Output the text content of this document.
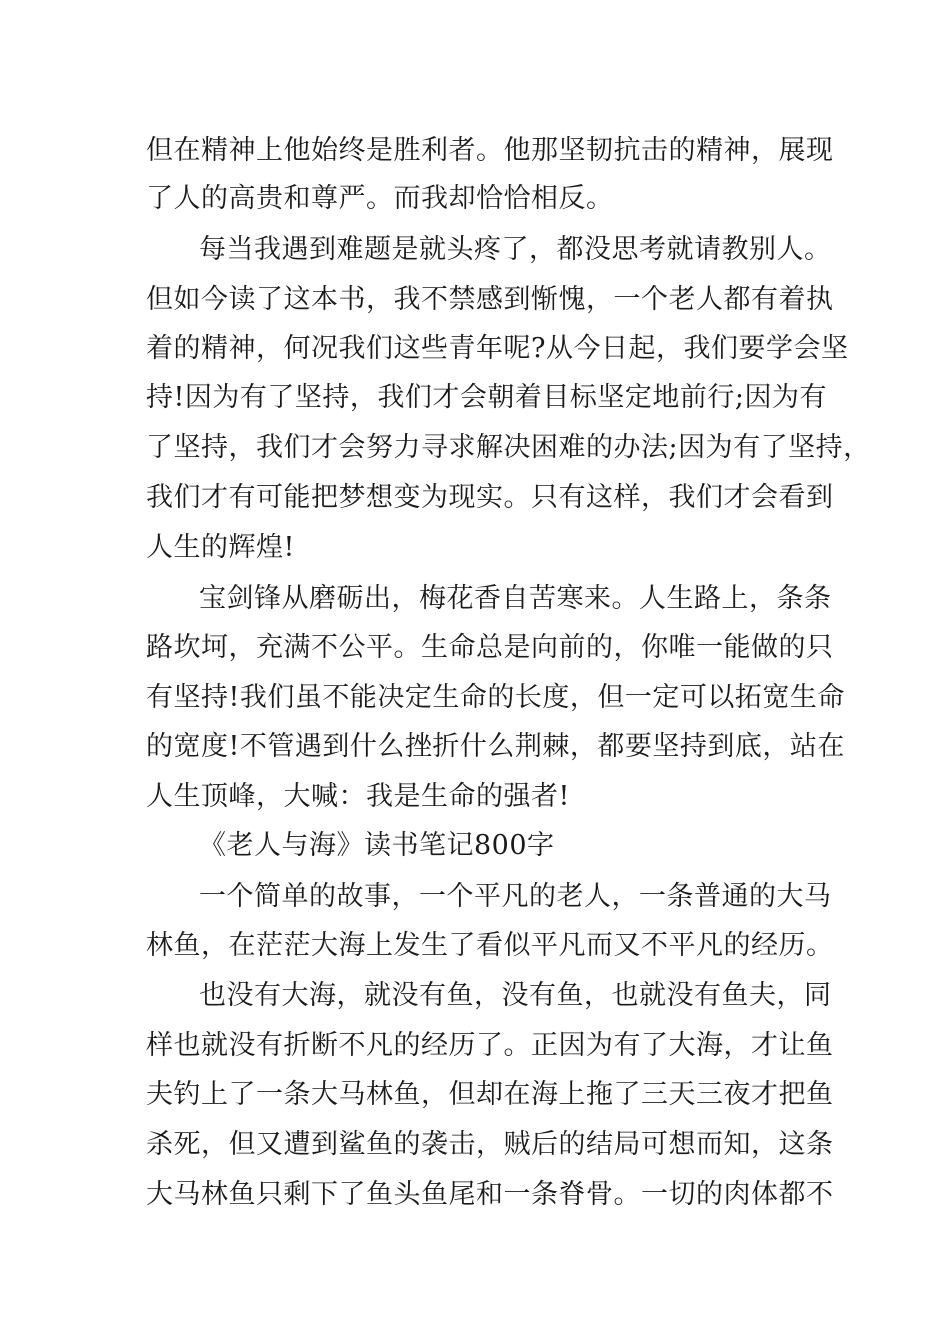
但在精神上他始终是胜利者。他那坚韧抗击的精神，展现
了人的高贵和尊严。而我却恰恰相反。
每当我遇到难题是就头疼了，都没思考就请教别人。
但如今读了这本书，我不禁感到惭愧，一个老人都有着执
着的精神，何况我们这些青年呢?从今日起，我们要学会坚
持!因为有了坚持，我们才会朝着目标坚定地前行;因为有
了坚持，我们才会努力寻求解决困难的办法;因为有了坚持，
我们才有可能把梦想变为现实。只有这样，我们才会看到
人生的辉煌!
宝剑锋从磨砺出，梅花香自苦寒来。人生路上，条条
路坎坷，充满不公平。生命总是向前的，你唯一能做的只
有坚持!我们虽不能决定生命的长度，但一定可以拓宽生命
的宽度!不管遇到什么挫折什么荆棘，都要坚持到底，站在
人生顶峰，大喊：我是生命的强者!
《老人与海》读书笔记800字
一个简单的故事，一个平凡的老人，一条普通的大马
林鱼，在茫茫大海上发生了看似平凡而又不平凡的经历。
也没有大海，就没有鱼，没有鱼，也就没有鱼夫，同
样也就没有折断不凡的经历了。正因为有了大海，才让鱼
夫钓上了一条大马林鱼，但却在海上拖了三天三夜才把鱼
杀死，但又遭到鲨鱼的袭击，贼后的结局可想而知，这条
大马林鱼只剩下了鱼头鱼尾和一条脊骨。一切的肉体都不
